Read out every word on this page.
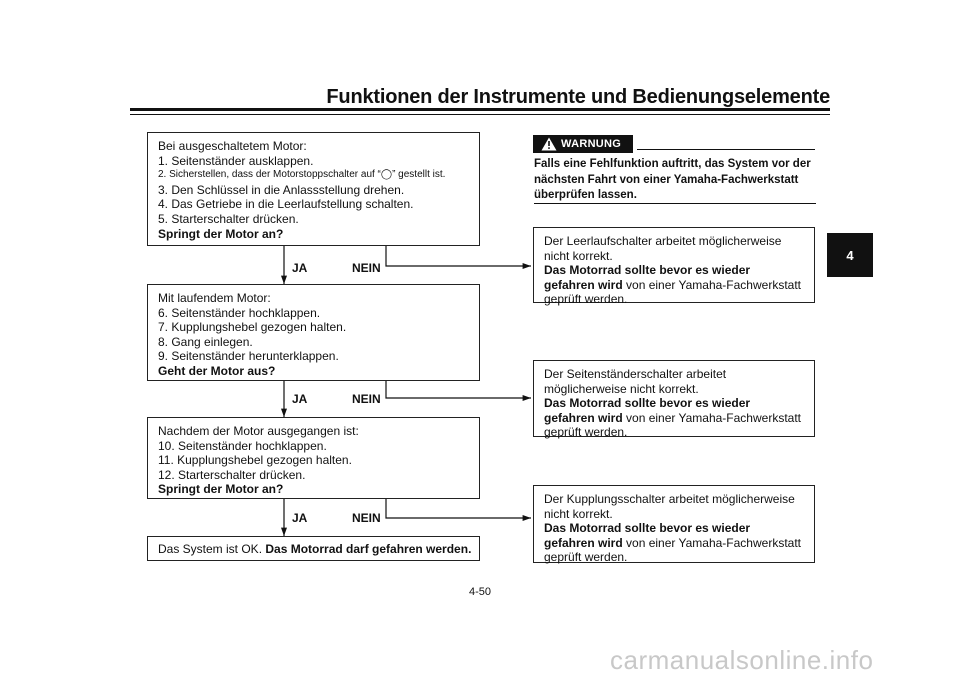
Funktionen der Instrumente und Bedienungselemente
4
Bei ausgeschaltetem Motor:
1. Seitenständer ausklappen.
2. Sicherstellen, dass der Motorstoppschalter auf “◯” gestellt ist.
3. Den Schlüssel in die Anlassstellung drehen.
4. Das Getriebe in die Leerlaufstellung schalten.
5. Starterschalter drücken.
Springt der Motor an?
JA	NEIN
Mit laufendem Motor:
6. Seitenständer hochklappen.
7. Kupplungshebel gezogen halten.
8. Gang einlegen.
9. Seitenständer herunterklappen.
Geht der Motor aus?
JA	NEIN
Nachdem der Motor ausgegangen ist:
10. Seitenständer hochklappen.
11. Kupplungshebel gezogen halten.
12. Starterschalter drücken.
Springt der Motor an?
JA	NEIN
Das System ist OK. Das Motorrad darf gefahren werden.
WARNUNG
Falls eine Fehlfunktion auftritt, das System vor der nächsten Fahrt von einer Yamaha-Fachwerkstatt überprüfen lassen.
Der Leerlaufschalter arbeitet möglicherweise nicht korrekt.
Das Motorrad sollte bevor es wieder gefahren wird von einer Yamaha-Fachwerkstatt geprüft werden.
Der Seitenständerschalter arbeitet möglicherweise nicht korrekt.
Das Motorrad sollte bevor es wieder gefahren wird von einer Yamaha-Fachwerkstatt geprüft werden.
Der Kupplungsschalter arbeitet möglicherweise nicht korrekt.
Das Motorrad sollte bevor es wieder gefahren wird von einer Yamaha-Fachwerkstatt geprüft werden.
4-50
carmanualsonline.info
